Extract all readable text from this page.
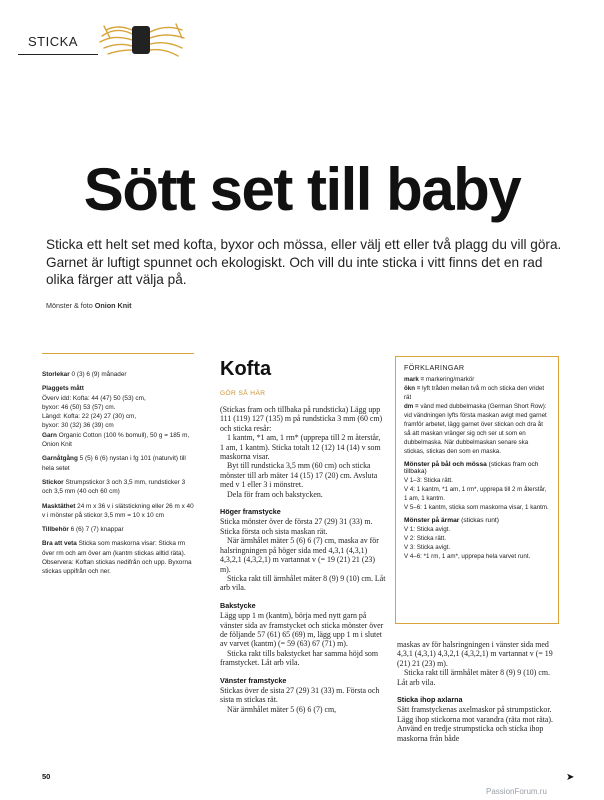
STICKA
Sött set till baby

Sticka ett helt set med kofta, byxor och mössa, eller välj ett eller två plagg du vill göra. Garnet är luftigt spunnet och ekologiskt. Och vill du inte sticka i vitt finns det en rad olika färger att välja på.

Mönster & foto Onion Knit
Storlekar 0 (3) 6 (9) månader
Plaggets mått
Överv idd: Kofta: 44 (47) 50 (53) cm,
byxor: 46 (50) 53 (57) cm.
Längd: Kofta: 22 (24) 27 (30) cm,
byxor: 30 (32) 36 (39) cm
Garn Organic Cotton (100 % bomull), 50 g = 185 m, Onion Knit
Garnåtgång 5 (5) 6 (6) nystan i fg 101 (naturvit) till hela setet
Stickor Strumpstickor 3 och 3,5 mm, rundsticker 3 och 3,5 mm (40 och 60 cm)
Masktäthet 24 m x 36 v i slätstickning eller 26 m x 40 v i mönster på stickor 3,5 mm = 10 x 10 cm
Tillbehör 6 (6) 7 (7) knappar
Bra att veta Sticka som maskorna visar: Sticka rm över rm och am över am (kantm stickas alltid räta). Observera: Koftan stickas nedifrån och upp. Byxorna stickas uppifrån och ner.
Kofta
GÖR SÅ HÄR

(Stickas fram och tillbaka på rundsticka) Lägg upp 111 (119) 127 (135) m på rundsticka 3 mm (60 cm) och sticka resår:

1 kantm, *1 am, 1 rm* (upprepa till 2 m återstår, 1 am, 1 kantm). Sticka totalt 12 (12) 14 (14) v som maskorna visar.

Byt till rundsticka 3,5 mm (60 cm) och sticka mönster till arb mäter 14 (15) 17 (20) cm. Avsluta med v 1 eller 3 i mönstret.

Dela för fram och bakstycken.

Höger framstycke

Sticka mönster över de första 27 (29) 31 (33) m. Sticka första och sista maskan rät.

När ärmhålet mäter 5 (6) 6 (7) cm, maska av för halsringningen på höger sida med 4,3,1 (4,3,1) 4,3,2,1 (4,3,2,1) m vartannat v (= 19 (21) 21 (23) m).

Sticka rakt till ärmhålet mäter 8 (9) 9 (10) cm. Låt arb vila.

Bakstycke

Lägg upp 1 m (kantm), börja med nytt garn på vänster sida av framstycket och sticka mönster över de följande 57 (61) 65 (69) m, lägg upp 1 m i slutet av varvet (kantm) (= 59 (63) 67 (71) m).

Sticka rakt tills bakstycket har samma höjd som framstycket. Låt arb vila.

Vänster framstycke

Stickas över de sista 27 (29) 31 (33) m. Första och sista m stickas rät.

När ärmhålet mäter 5 (6) 6 (7) cm,

FÖRKLARINGAR
mark = markering/markör
ökn = lyft tråden mellan två m och sticka den vridet rät
dm = vänd med dubbelmaska (German Short Row): vid vändningen lyfts första maskan avigt med garnet framför arbetet, lägg garnet över stickan och dra åt så att maskan vränger sig och ser ut som en dubbelmaska. När dubbelmaskan senare ska stickas, stickas den som en maska.
Mönster på bål och mössa (stickas fram och tillbaka)
V 1–3: Sticka rätt.
V 4: 1 kantm, *1 am, 1 rm*, upprepa till 2 m återstår, 1 am, 1 kantm.
V 5–6: 1 kantm, sticka som maskorna visar, 1 kantm.
Mönster på ärmar (stickas runt)
V 1: Sticka avigt.
V 2: Sticka rätt.
V 3: Sticka avigt.
V 4–6: *1 rm, 1 am*, upprepa hela varvet runt.

maskas av för halsringningen i vänster sida med 4,3,1 (4,3,1) 4,3,2,1 (4,3,2,1) m vartannat v (= 19 (21) 21 (23) m).

Sticka rakt till ärmhålet mäter 8 (9) 9 (10) cm. Låt arb vila.

Sticka ihop axlarna

Sätt framstyckenas axelmaskor på strumpstickor. Lägg ihop stickorna mot varandra (räta mot räta). Använd en tredje strumpsticka och sticka ihop maskorna från både

50	➤
PassionForum.ru
